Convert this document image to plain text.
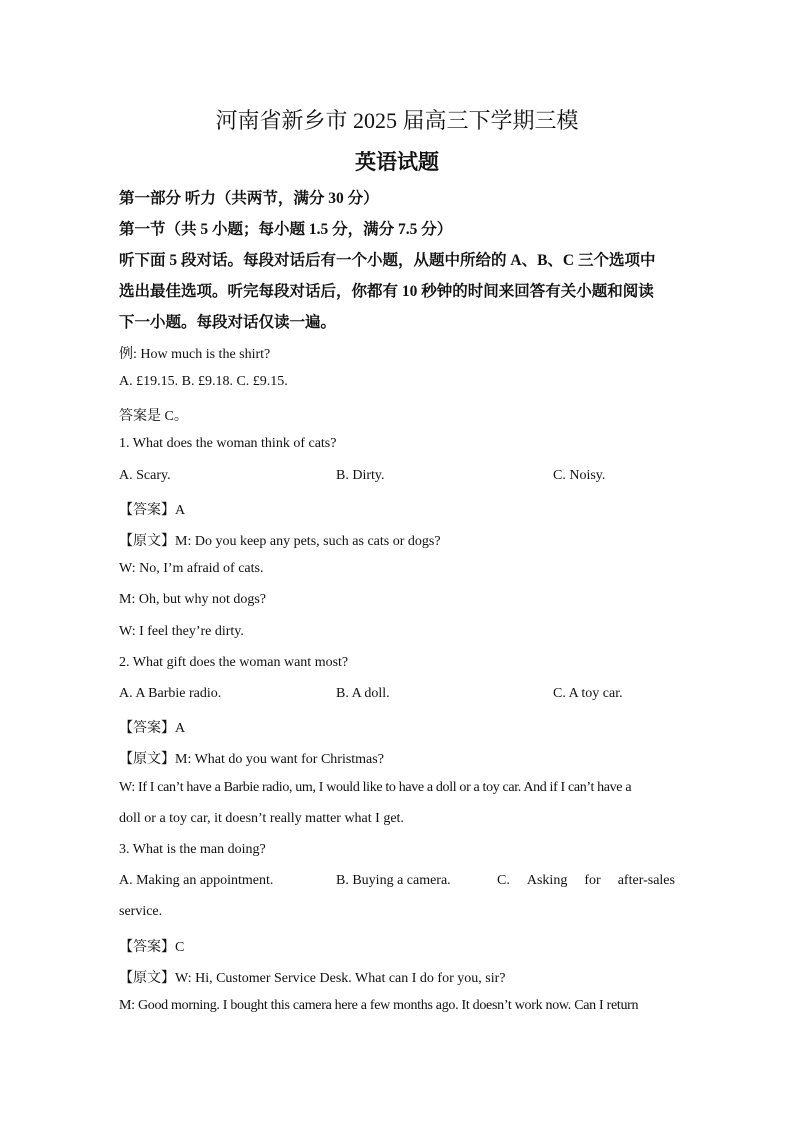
河南省新乡市 2025 届高三下学期三模
英语试题
第一部分 听力（共两节，满分 30 分）
第一节（共 5 小题；每小题 1.5 分，满分 7.5 分）
听下面 5 段对话。每段对话后有一个小题，从题中所给的 A、B、C 三个选项中
选出最佳选项。听完每段对话后，你都有 10 秒钟的时间来回答有关小题和阅读
下一小题。每段对话仅读一遍。
例: How much is the shirt?
A. £19.15. B. £9.18. C. £9.15.
答案是 C。
1. What does the woman think of cats?
A. Scary.	B. Dirty.	C. Noisy.
【答案】A
【原文】M: Do you keep any pets, such as cats or dogs?
W: No, I’m afraid of cats.
M: Oh, but why not dogs?
W: I feel they’re dirty.
2. What gift does the woman want most?
A. A Barbie radio.	B. A doll.	C. A toy car.
【答案】A
【原文】M: What do you want for Christmas?
W: If I can’t have a Barbie radio, um, I would like to have a doll or a toy car. And if I can’t have a
doll or a toy car, it doesn’t really matter what I get.
3. What is the man doing?
A. Making an appointment.	B. Buying a camera.	C. Asking for after-sales
service.
【答案】C
【原文】W: Hi, Customer Service Desk. What can I do for you, sir?
M: Good morning. I bought this camera here a few months ago. It doesn’t work now. Can I return
